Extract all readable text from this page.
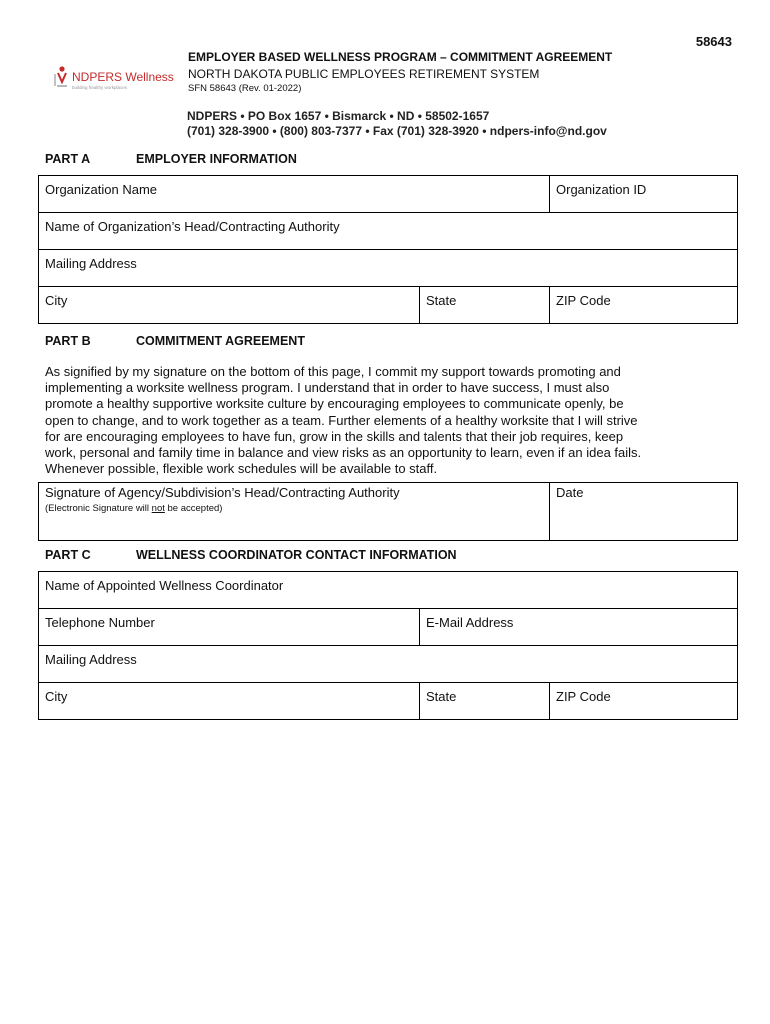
58643
NDPERS Wellness
building healthy workplaces
EMPLOYER BASED WELLNESS PROGRAM – COMMITMENT AGREEMENT
NORTH DAKOTA PUBLIC EMPLOYEES RETIREMENT SYSTEM
SFN 58643 (Rev. 01-2022)
NDPERS • PO Box 1657 • Bismarck • ND • 58502-1657
(701) 328-3900 • (800) 803-7377 • Fax (701) 328-3920 • ndpers-info@nd.gov
PART A	EMPLOYER INFORMATION
Organization Name		Organization ID
Name of Organization’s Head/Contracting Authority		
Mailing Address		
City	State	ZIP Code
PART B	COMMITMENT AGREEMENT
As signified by my signature on the bottom of this page, I commit my support towards promoting and
implementing a worksite wellness program. I understand that in order to have success, I must also
promote a healthy supportive worksite culture by encouraging employees to communicate openly, be
open to change, and to work together as a team. Further elements of a healthy worksite that I will strive
for are encouraging employees to have fun, grow in the skills and talents that their job requires, keep
work, personal and family time in balance and view risks as an opportunity to learn, even if an idea fails.
Whenever possible, flexible work schedules will be available to staff.
Signature of Agency/Subdivision’s Head/Contracting Authority
(Electronic Signature will not be accepted)
	Date
PART C	WELLNESS COORDINATOR CONTACT INFORMATION
Name of Appointed Wellness Coordinator		
Telephone Number	E-Mail Address	
Mailing Address		
City	State	ZIP Code
